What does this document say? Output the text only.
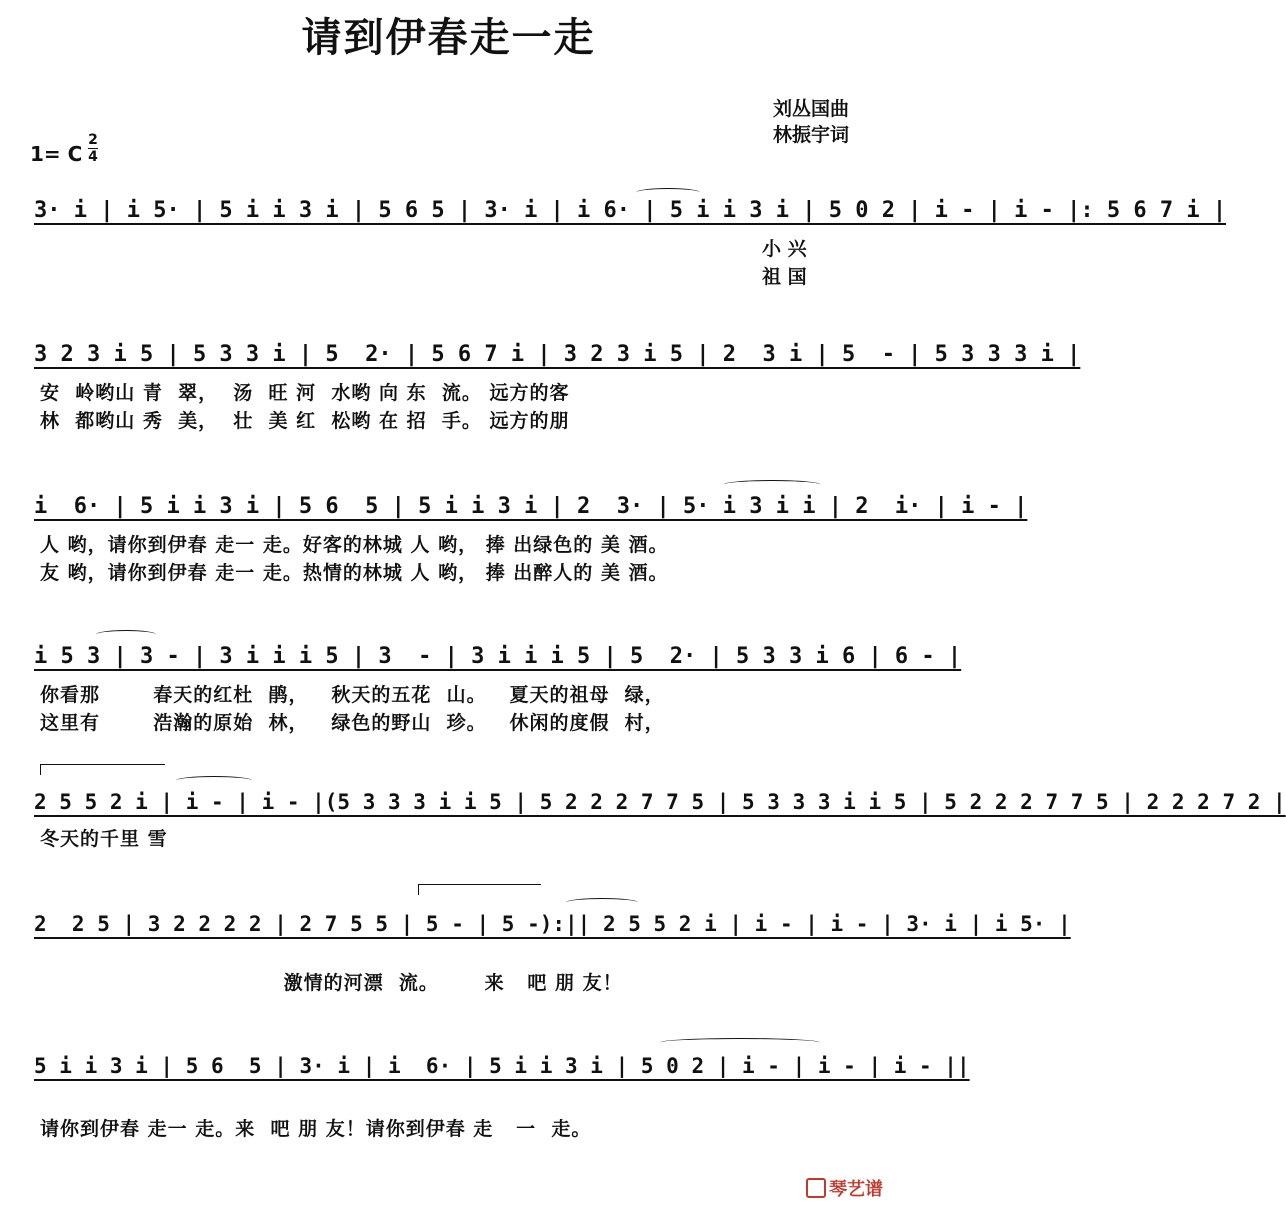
请到伊春走一走
刘丛国曲
林振宇词
1= C
2
4
3· i | i 5· | 5 i i 3 i | 5 6 5 | 3· i | i 6· | 5 i i 3 i | 5 0 2 | i - | i - |: 5 6 7 i |
小 兴
祖 国
3 2 3 i 5 | 5 3 3 i | 5  2· | 5 6 7 i | 3 2 3 i 5 | 2  3 i | 5  - | 5 3 3 3 i |
安  岭哟山 青  翠，  汤  旺 河  水哟 向 东  流。 远方的客
林  都哟山 秀  美，  壮  美 红  松哟 在 招  手。 远方的朋
i  6· | 5 i i 3 i | 5 6  5 | 5 i i 3 i | 2  3· | 5· i 3 i i | 2  i· | i - |
人 哟，请你到伊春 走一 走。好客的林城 人 哟， 捧 出绿色的 美 酒。
友 哟，请你到伊春 走一 走。热情的林城 人 哟， 捧 出醉人的 美 酒。
i 5 3 | 3 - | 3 i i i 5 | 3  - | 3 i i i 5 | 5  2· | 5 3 3 i 6 | 6 - |
你看那       春天的红杜  鹃，   秋天的五花  山。   夏天的祖母  绿，
这里有       浩瀚的原始  林，   绿色的野山  珍。   休闲的度假  村，
2 5 5 2 i | i - | i - |(5 3 3 3 i i 5 | 5 2 2 2 7 7 5 | 5 3 3 3 i i 5 | 5 2 2 2 7 7 5 | 2 2 2 7 2 |
冬天的千里 雪
2  2 5 | 3 2 2 2 2 | 2 7 5 5 | 5 - | 5 -):|| 2 5 5 2 i | i - | i - | 3· i | i 5· |
激情的河漂  流。      来   吧 朋 友！
5 i i 3 i | 5 6  5 | 3· i | i  6· | 5 i i 3 i | 5 0 2 | i - | i - | i - ||
请你到伊春 走一 走。来  吧 朋 友！请你到伊春 走   一  走。
琴艺谱
